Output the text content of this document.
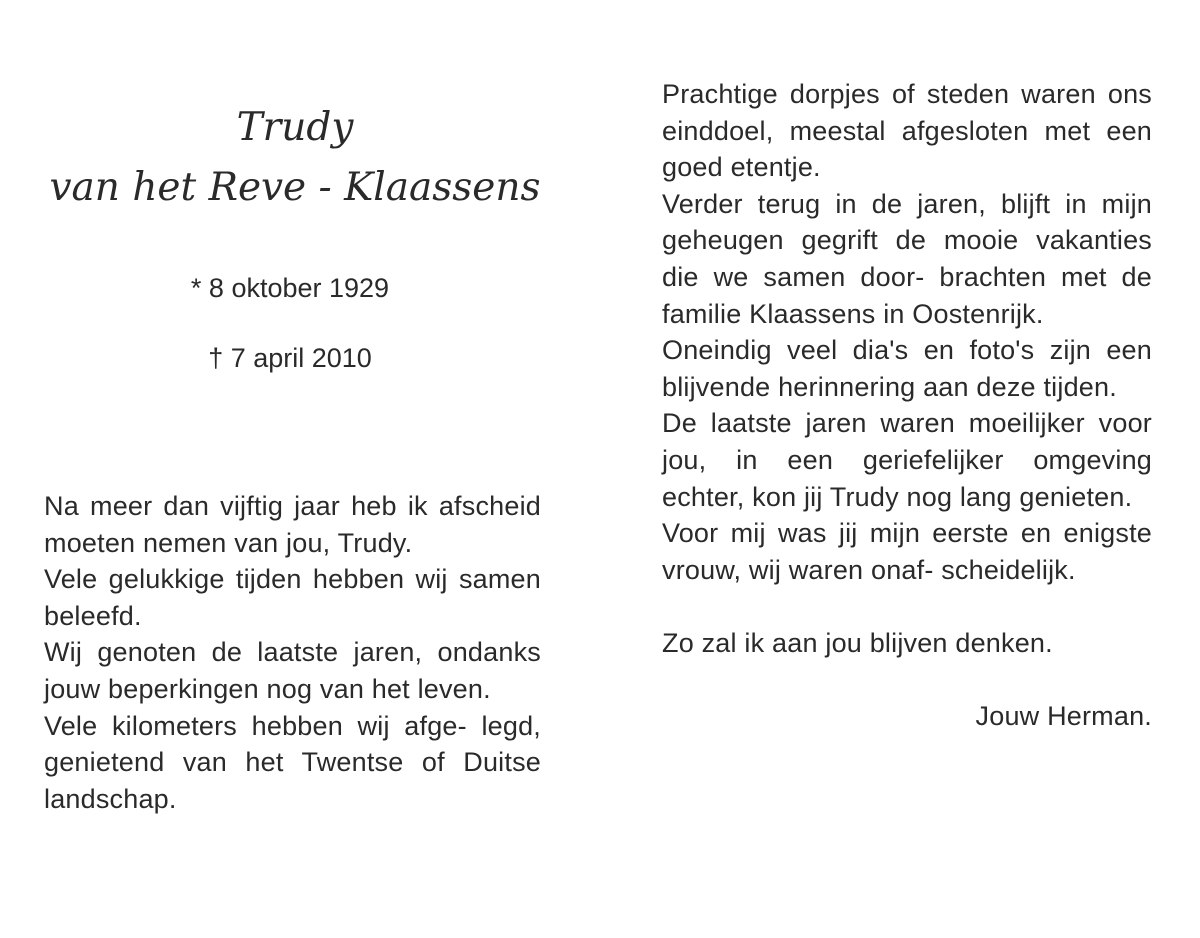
Trudy
van het Reve - Klaassens
* 8 oktober 1929
† 7 april 2010

Na meer dan vijftig jaar heb ik afscheid moeten nemen van jou, Trudy.

Vele gelukkige tijden hebben wij samen beleefd.

Wij genoten de laatste jaren, ondanks jouw beperkingen nog van het leven.

Vele kilometers hebben wij afge- legd, genietend van het Twentse of Duitse landschap.

Prachtige dorpjes of steden waren ons einddoel, meestal afgesloten met een goed etentje.

Verder terug in de jaren, blijft in mijn geheugen gegrift de mooie vakanties die we samen door- brachten met de familie Klaassens in Oostenrijk.

Oneindig veel dia's en foto's zijn een blijvende herinnering aan deze tijden.

De laatste jaren waren moeilijker voor jou, in een geriefelijker omgeving echter, kon jij Trudy nog lang genieten.

Voor mij was jij mijn eerste en enigste vrouw, wij waren onaf- scheidelijk.

Zo zal ik aan jou blijven denken.

Jouw Herman.
